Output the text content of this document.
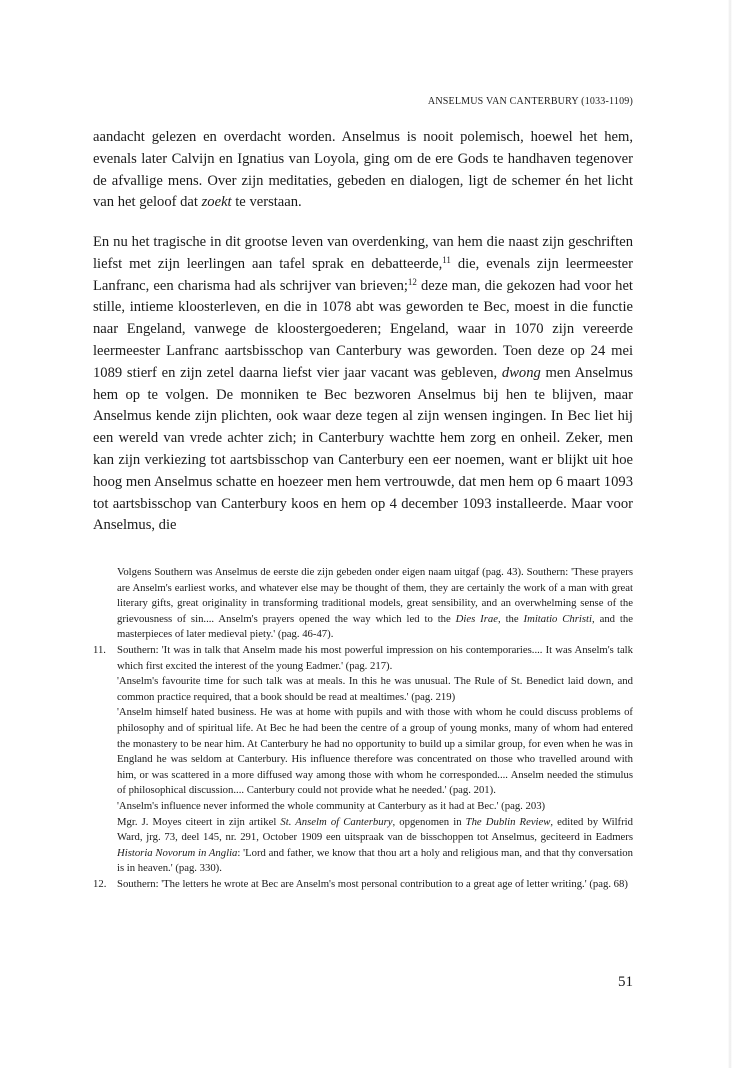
ANSELMUS VAN CANTERBURY (1033-1109)
aandacht gelezen en overdacht worden. Anselmus is nooit polemisch, hoewel het hem, evenals later Calvijn en Ignatius van Loyola, ging om de ere Gods te handhaven tegenover de afvallige mens. Over zijn meditaties, gebeden en dialogen, ligt de schemer én het licht van het geloof dat zoekt te verstaan.
En nu het tragische in dit grootse leven van overdenking, van hem die naast zijn geschriften liefst met zijn leerlingen aan tafel sprak en debatteerde,$^{11}$ die, evenals zijn leermeester Lanfranc, een charisma had als schrijver van brieven;$^{12}$ deze man, die gekozen had voor het stille, intieme kloosterleven, en die in 1078 abt was geworden te Bec, moest in die functie naar Engeland, vanwege de kloostergoederen; Engeland, waar in 1070 zijn vereerde leermeester Lanfranc aartsbisschop van Canterbury was geworden. Toen deze op 24 mei 1089 stierf en zijn zetel daarna liefst vier jaar vacant was gebleven, dwong men Anselmus hem op te volgen. De monniken te Bec bezworen Anselmus bij hen te blijven, maar Anselmus kende zijn plichten, ook waar deze tegen al zijn wensen ingingen. In Bec liet hij een wereld van vrede achter zich; in Canterbury wachtte hem zorg en onheil. Zeker, men kan zijn verkiezing tot aartsbisschop van Canterbury een eer noemen, want er blijkt uit hoe hoog men Anselmus schatte en hoezeer men hem vertrouwde, dat men hem op 6 maart 1093 tot aartsbisschop van Canterbury koos en hem op 4 december 1093 installeerde. Maar voor Anselmus, die

Volgens Southern was Anselmus de eerste die zijn gebeden onder eigen naam uitgaf (pag. 43). Southern: 'These prayers are Anselm's earliest works, and whatever else may be thought of them, they are certainly the work of a man with great literary gifts, great originality in transforming traditional models, great sensibility, and an overwhelming sense of the grievousness of sin.... Anselm's prayers opened the way which led to the Dies Irae, the Imitatio Christi, and the masterpieces of later medieval piety.' (pag. 46-47).

11. Southern: 'It was in talk that Anselm made his most powerful impression on his contemporaries.... It was Anselm's talk which first excited the interest of the young Eadmer.' (pag. 217).

'Anselm's favourite time for such talk was at meals. In this he was unusual. The Rule of St. Benedict laid down, and common practice required, that a book should be read at mealtimes.' (pag. 219)

'Anselm himself hated business. He was at home with pupils and with those with whom he could discuss problems of philosophy and of spiritual life. At Bec he had been the centre of a group of young monks, many of whom had entered the monastery to be near him. At Canterbury he had no opportunity to build up a similar group, for even when he was in England he was seldom at Canterbury. His influence therefore was concentrated on those who travelled around with him, or was scattered in a more diffused way among those with whom he corresponded.... Anselm needed the stimulus of philosophical discussion.... Canterbury could not provide what he needed.' (pag. 201).

'Anselm's influence never informed the whole community at Canterbury as it had at Bec.' (pag. 203)

Mgr. J. Moyes citeert in zijn artikel St. Anselm of Canterbury, opgenomen in The Dublin Review, edited by Wilfrid Ward, jrg. 73, deel 145, nr. 291, October 1909 een uitspraak van de bisschoppen tot Anselmus, geciteerd in Eadmers Historia Novorum in Anglia: 'Lord and father, we know that thou art a holy and religious man, and that thy conversation is in heaven.' (pag. 330).

12. Southern: 'The letters he wrote at Bec are Anselm's most personal contribution to a great age of letter writing.' (pag. 68)

51
